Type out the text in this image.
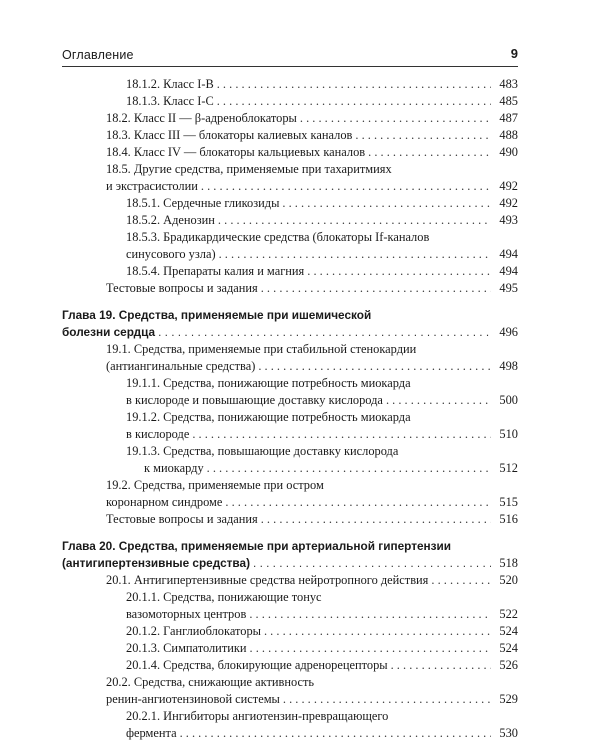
Оглавление	9
18.1.2. Класс I-B . . .	483
18.1.3. Класс I-C . . .	485
18.2. Класс II — β-адреноблокаторы . . .	487
18.3. Класс III — блокаторы калиевых каналов . . .	488
18.4. Класс IV — блокаторы кальциевых каналов . . .	490
18.5. Другие средства, применяемые при тахаритмиях
и экстрасистолии . . .	492
18.5.1. Сердечные гликозиды . . .	492
18.5.2. Аденозин . . .	493
18.5.3. Брадикардические средства (блокаторы If-каналов
синусового узла) . . .	494
18.5.4. Препараты калия и магния . . .	494
Тестовые вопросы и задания . . .	495
Глава 19. Средства, применяемые при ишемической
болезни сердца . . .	496
19.1. Средства, применяемые при стабильной стенокардии
(антиангинальные средства) . . .	498
19.1.1. Средства, понижающие потребность миокарда
в кислороде и повышающие доставку кислорода . . .	500
19.1.2. Средства, понижающие потребность миокарда
в кислороде . . .	510
19.1.3. Средства, повышающие доставку кислорода
к миокарду . . .	512
19.2. Средства, применяемые при остром
коронарном синдроме . . .	515
Тестовые вопросы и задания . . .	516
Глава 20. Средства, применяемые при артериальной гипертензии
(антигипертензивные средства) . . .	518
20.1. Антигипертензивные средства нейротропного действия . . .	520
20.1.1. Средства, понижающие тонус
вазомоторных центров . . .	522
20.1.2. Ганглиоблокаторы . . .	524
20.1.3. Симпатолитики . . .	524
20.1.4. Средства, блокирующие адренорецепторы . . .	526
20.2. Средства, снижающие активность
ренин-ангиотензиновой системы . . .	529
20.2.1. Ингибиторы ангиотензин-превращающего
фермента . . .	530
